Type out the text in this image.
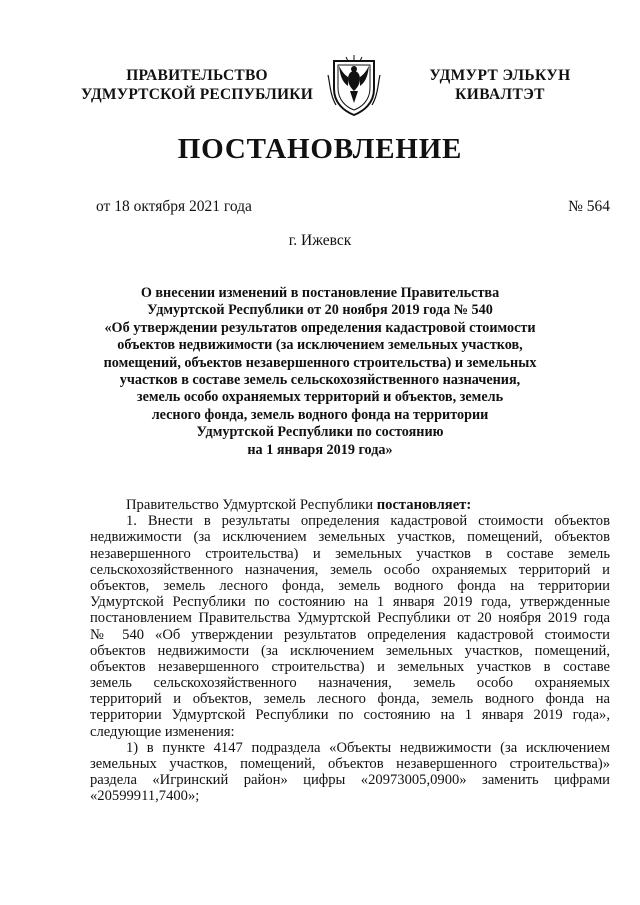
ПРАВИТЕЛЬСТВО
УДМУРТСКОЙ РЕСПУБЛИКИ
УДМУРТ ЭЛЬКУН
КИВАЛТЭТ
ПОСТАНОВЛЕНИЕ
от 18 октября 2021 года	№ 564
г. Ижевск
О внесении изменений в постановление Правительства
Удмуртской Республики от 20 ноября 2019 года № 540
«Об утверждении результатов определения кадастровой стоимости
объектов недвижимости (за исключением земельных участков,
помещений, объектов незавершенного строительства) и земельных
участков в составе земель сельскохозяйственного назначения,
земель особо охраняемых территорий и объектов, земель
лесного фонда, земель водного фонда на территории
Удмуртской Республики по состоянию
на 1 января 2019 года»
Правительство Удмуртской Республики постановляет:
1. Внести в результаты определения кадастровой стоимости объектов
недвижимости (за исключением земельных участков, помещений, объектов
незавершенного строительства) и земельных участков в составе земель
сельскохозяйственного назначения, земель особо охраняемых территорий и
объектов, земель лесного фонда, земель водного фонда на территории
Удмуртской Республики по состоянию на 1 января 2019 года, утвержденные
постановлением Правительства Удмуртской Республики от 20 ноября 2019 года
№ 540 «Об утверждении результатов определения кадастровой стоимости
объектов недвижимости (за исключением земельных участков, помещений,
объектов незавершенного строительства) и земельных участков в составе
земель сельскохозяйственного назначения, земель особо охраняемых
территорий и объектов, земель лесного фонда, земель водного фонда на
территории Удмуртской Республики по состоянию на 1 января 2019 года»,
следующие изменения:
1) в пункте 4147 подраздела «Объекты недвижимости (за исключением
земельных участков, помещений, объектов незавершенного строительства)»
раздела «Игринский район» цифры «20973005,0900» заменить цифрами
«20599911,7400»;
